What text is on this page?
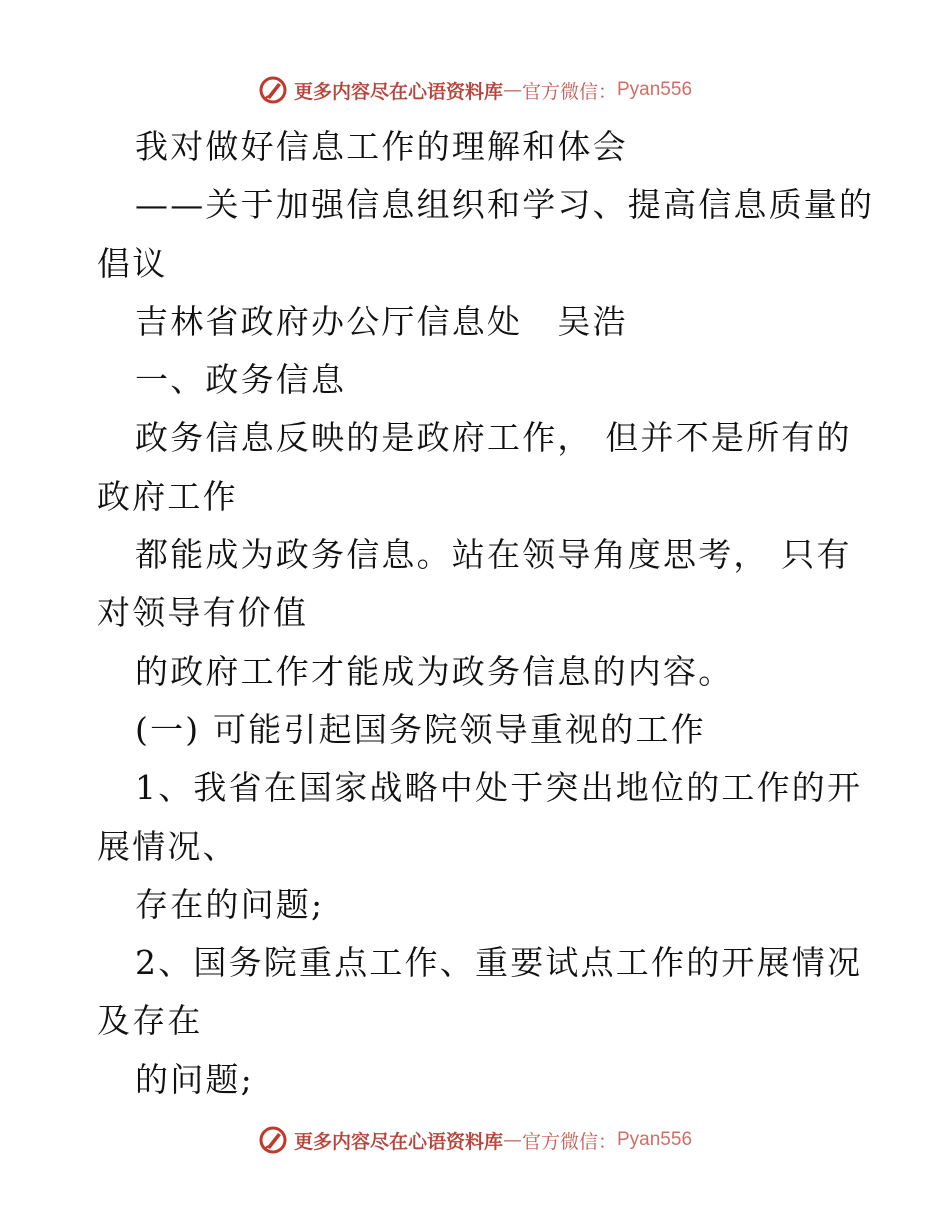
更多内容尽在心语资料库 — 官方微信： Pyan556
我对做好信息工作的理解和体会
——关于加强信息组织和学习、提高信息质量的
倡议
吉林省政府办公厅信息处　吴浩
一、政务信息
政务信息反映的是政府工作， 但并不是所有的
政府工作
都能成为政务信息。站在领导角度思考， 只有
对领导有价值
的政府工作才能成为政务信息的内容。
(一) 可能引起国务院领导重视的工作
1、我省在国家战略中处于突出地位的工作的开
展情况、
存在的问题;
2、国务院重点工作、重要试点工作的开展情况
及存在
的问题;
更多内容尽在心语资料库 — 官方微信： Pyan556
